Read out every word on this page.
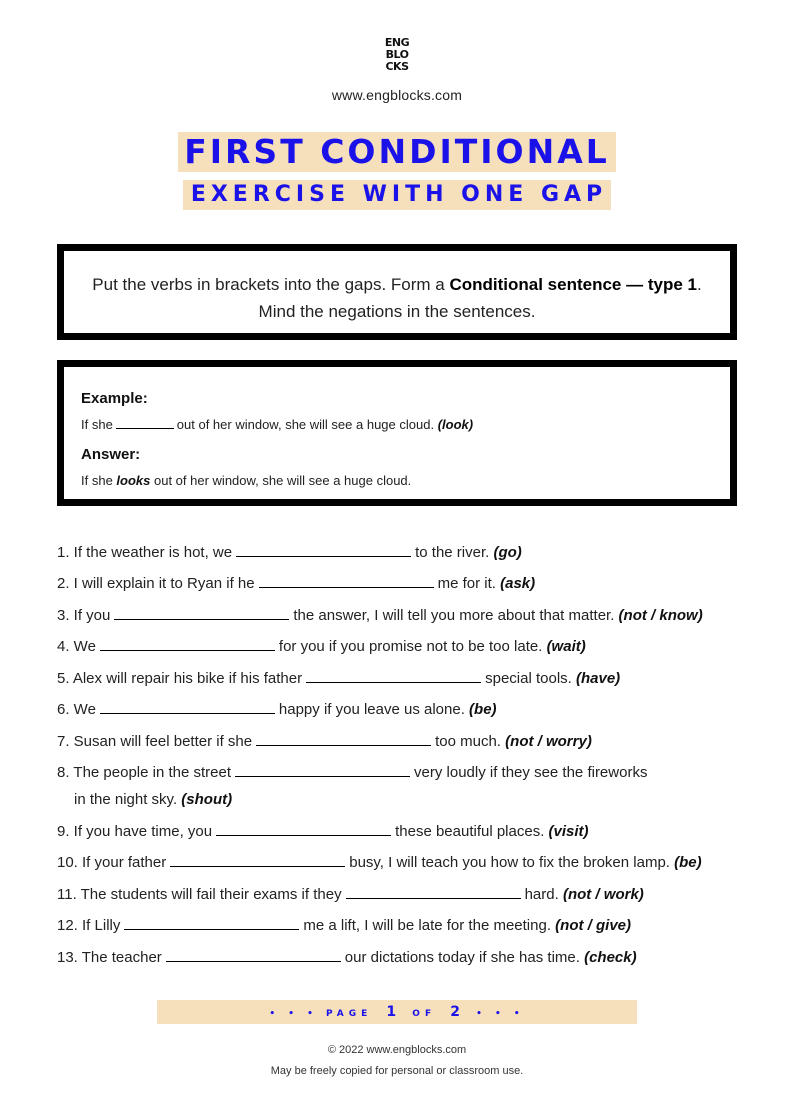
ENG
BLO
CKS
www.engblocks.com
FIRST CONDITIONAL
EXERCISE WITH ONE GAP
Put the verbs in brackets into the gaps. Form a Conditional sentence — type 1. Mind the negations in the sentences.
Example:
If she	out of her window, she will see a huge cloud. (look)
Answer:
If she looks out of her window, she will see a huge cloud.
1. If the weather is hot, we	to the river. (go)
2. I will explain it to Ryan if he	me for it. (ask)
3. If you	the answer, I will tell you more about that matter. (not / know)
4. We	for you if you promise not to be too late. (wait)
5. Alex will repair his bike if his father	special tools. (have)
6. We	happy if you leave us alone. (be)
7. Susan will feel better if she	too much. (not / worry)
8. The people in the street	very loudly if they see the fireworks
in the night sky. (shout)
9. If you have time, you	these beautiful places. (visit)
10. If your father	busy, I will teach you how to fix the broken lamp. (be)
11. The students will fail their exams if they	hard. (not / work)
12. If Lilly	me a lift, I will be late for the meeting. (not / give)
13. The teacher	our dictations today if she has time. (check)
• • • PAGE 1 OF 2 • • •
© 2022 www.engblocks.com
May be freely copied for personal or classroom use.
